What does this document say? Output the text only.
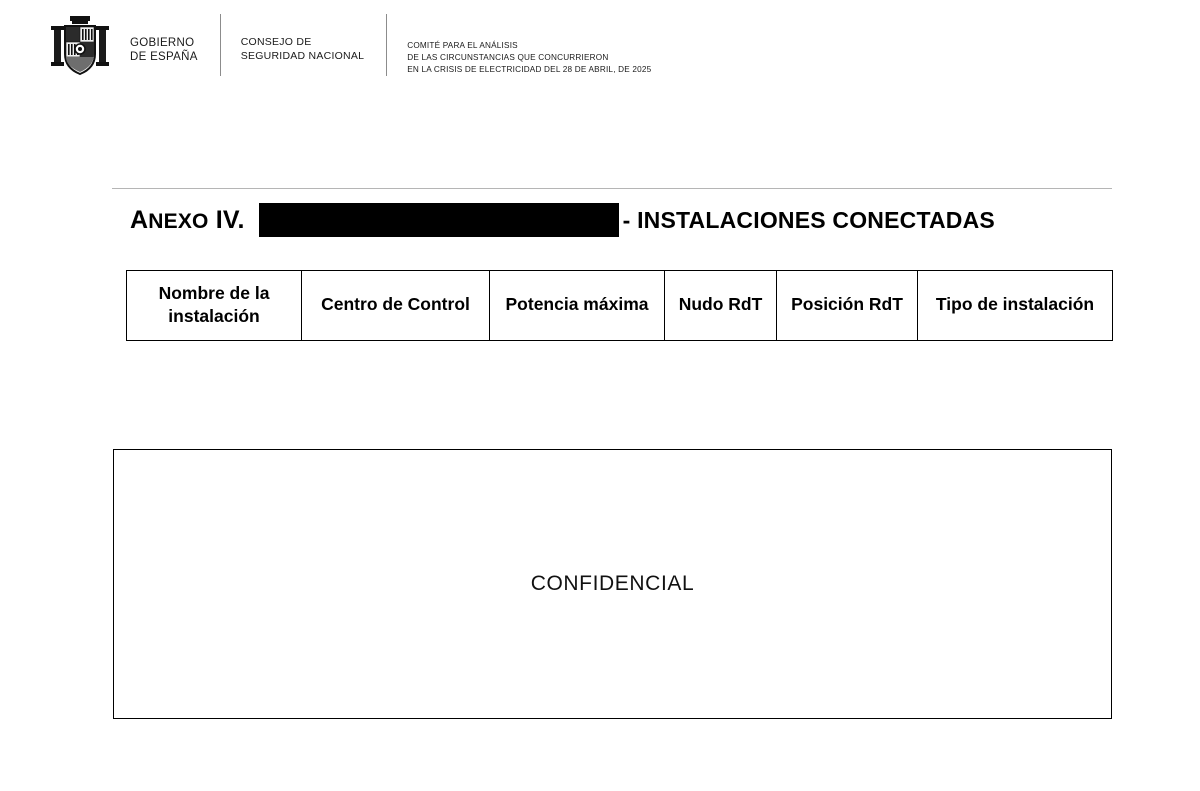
GOBIERNO
DE ESPAÑA
CONSEJO DE
SEGURIDAD NACIONAL
COMITÉ PARA EL ANÁLISIS
DE LAS CIRCUNSTANCIAS QUE CONCURRIERON
EN LA CRISIS DE ELECTRICIDAD DEL 28 DE ABRIL, DE 2025
ANEXO IV.	- INSTALACIONES CONECTADAS
Nombre de la instalación	Centro de Control	Potencia máxima	Nudo RdT	Posición RdT	Tipo de instalación
CONFIDENCIAL
